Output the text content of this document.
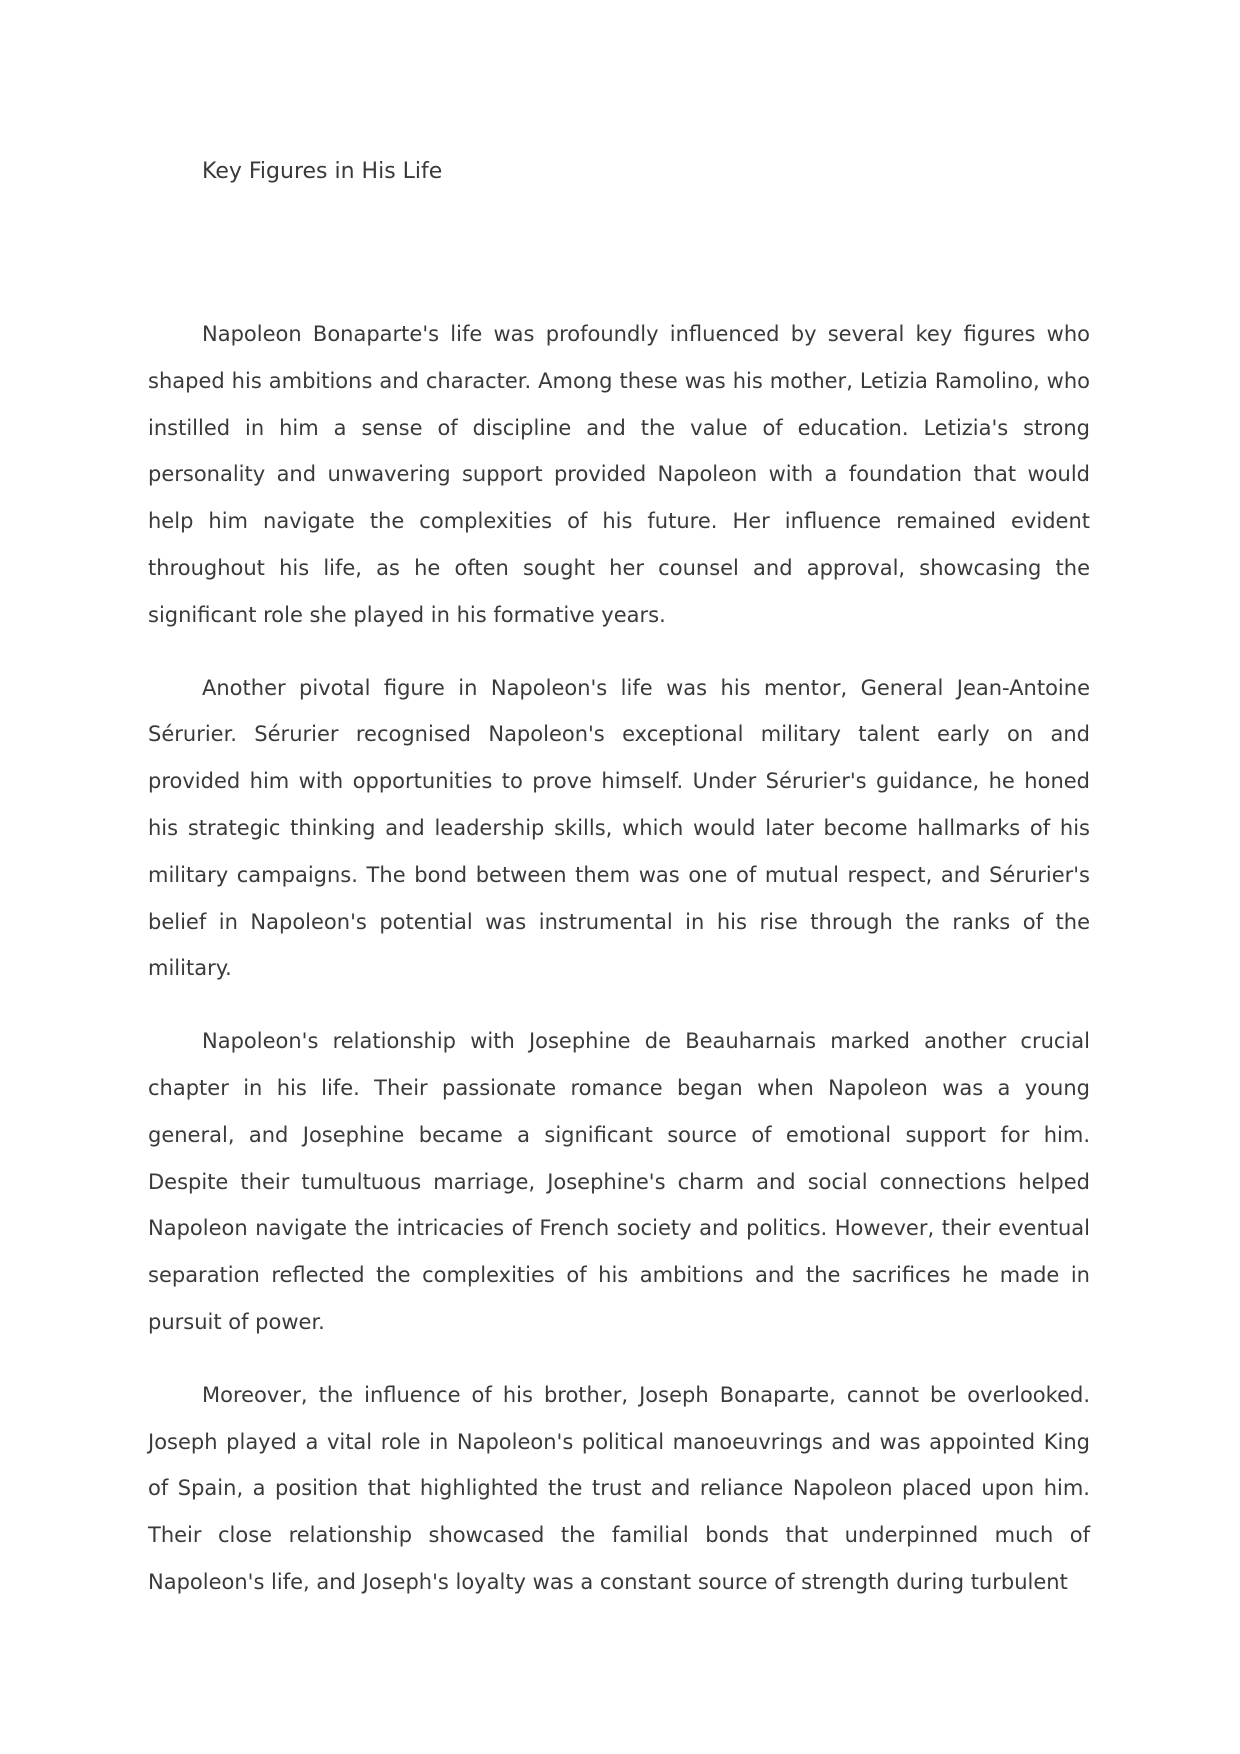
Key Figures in His Life

Napoleon Bonaparte's life was profoundly influenced by several key figures who shaped his ambitions and character. Among these was his mother, Letizia Ramolino, who instilled in him a sense of discipline and the value of education. Letizia's strong personality and unwavering support provided Napoleon with a foundation that would help him navigate the complexities of his future. Her influence remained evident throughout his life, as he often sought her counsel and approval, showcasing the significant role she played in his formative years.

Another pivotal figure in Napoleon's life was his mentor, General Jean-Antoine Sérurier. Sérurier recognised Napoleon's exceptional military talent early on and provided him with opportunities to prove himself. Under Sérurier's guidance, he honed his strategic thinking and leadership skills, which would later become hallmarks of his military campaigns. The bond between them was one of mutual respect, and Sérurier's belief in Napoleon's potential was instrumental in his rise through the ranks of the military.

Napoleon's relationship with Josephine de Beauharnais marked another crucial chapter in his life. Their passionate romance began when Napoleon was a young general, and Josephine became a significant source of emotional support for him. Despite their tumultuous marriage, Josephine's charm and social connections helped Napoleon navigate the intricacies of French society and politics. However, their eventual separation reflected the complexities of his ambitions and the sacrifices he made in pursuit of power.

Moreover, the influence of his brother, Joseph Bonaparte, cannot be overlooked. Joseph played a vital role in Napoleon's political manoeuvrings and was appointed King of Spain, a position that highlighted the trust and reliance Napoleon placed upon him. Their close relationship showcased the familial bonds that underpinned much of Napoleon's life, and Joseph's loyalty was a constant source of strength during turbulent
